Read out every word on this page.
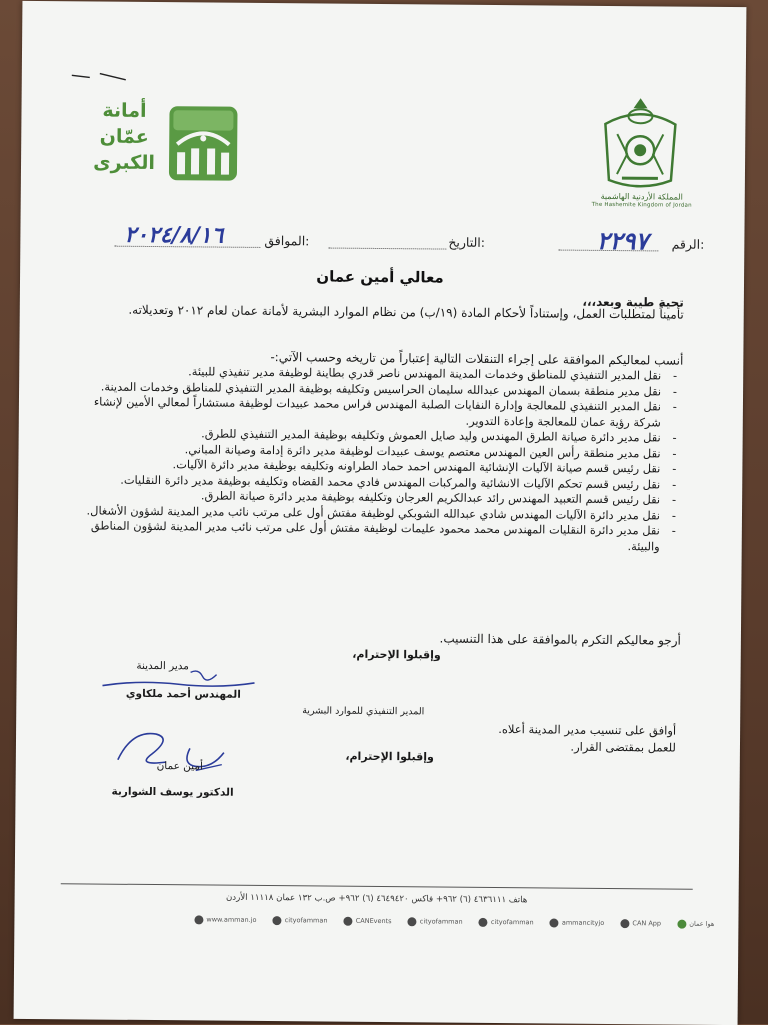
أمانة
عمّان
الكبرى
المملكة الأردنية الهاشمية
The Hashemite Kingdom of Jordan
الرقم:
٢٢٩٧
التاريخ:
الموافق:
٢٠٢٤/٨/١٦
معالي أمين عمان
تحية طيبة وبعد،،،
تأميناً لمتطلبات العمل، وإستناداً لأحكام المادة (١٩/ب) من نظام الموارد البشرية لأمانة عمان لعام ٢٠١٢ وتعديلاته.
أنسب لمعاليكم الموافقة على إجراء التنقلات التالية إعتباراً من تاريخه وحسب الآتي:-
- نقل المدير التنفيذي للمناطق وخدمات المدينة المهندس ناصر قدري بطاينة لوظيفة مدير تنفيذي للبيئة.
- نقل مدير منطقة بسمان المهندس عبدالله سليمان الحراسيس وتكليفه بوظيفة المدير التنفيذي للمناطق وخدمات المدينة.
- نقل المدير التنفيذي للمعالجة وإدارة النفايات الصلبة المهندس فراس محمد عبيدات لوظيفة مستشاراً لمعالي الأمين لإنشاء شركة رؤية عمان للمعالجة وإعادة التدوير.
- نقل مدير دائرة صيانة الطرق المهندس وليد صايل العموش وتكليفه بوظيفة المدير التنفيذي للطرق.
- نقل مدير منطقة رأس العين المهندس معتصم يوسف عبيدات لوظيفة مدير دائرة إدامة وصيانة المباني.
- نقل رئيس قسم صيانة الآليات الإنشائية المهندس احمد حماد الطراونه وتكليفه بوظيفة مدير دائرة الآليات.
- نقل رئيس قسم تحكم الآليات الانشائية والمركبات المهندس فادي محمد القضاه وتكليفه بوظيفة مدير دائرة النقليات.
- نقل رئيس قسم التعبيد المهندس رائد عبدالكريم العرجان وتكليفه بوظيفة مدير دائرة صيانة الطرق.
- نقل مدير دائرة الآليات المهندس شادي عبدالله الشوبكي لوظيفة مفتش أول على مرتب نائب مدير المدينة لشؤون الأشغال.
- نقل مدير دائرة النقليات المهندس محمد محمود عليمات لوظيفة مفتش أول على مرتب نائب مدير المدينة لشؤون المناطق والبيئة.
أرجو معاليكم التكرم بالموافقة على هذا التنسيب.
وإقبلوا الإحترام،
مدير المدينة
المهندس أحمد ملكاوي
المدير التنفيذي للموارد البشرية
أوافق على تنسيب مدير المدينة أعلاه.
للعمل بمقتضى القرار.
وإقبلوا الإحترام،
أمين عمان
الدكتور يوسف الشواربة
هاتف ٤٦٣٦١١١ (٦) ٩٦٢+ فاكس ٤٦٤٩٤٢٠ (٦) ٩٦٢+ ص.ب ١٣٢ عمان ١١١١٨ الأردن
هوا عمان
CAN App
ammancityjo
cityofamman
cityofamman
CANEvents
cityofamman
www.amman.jo
